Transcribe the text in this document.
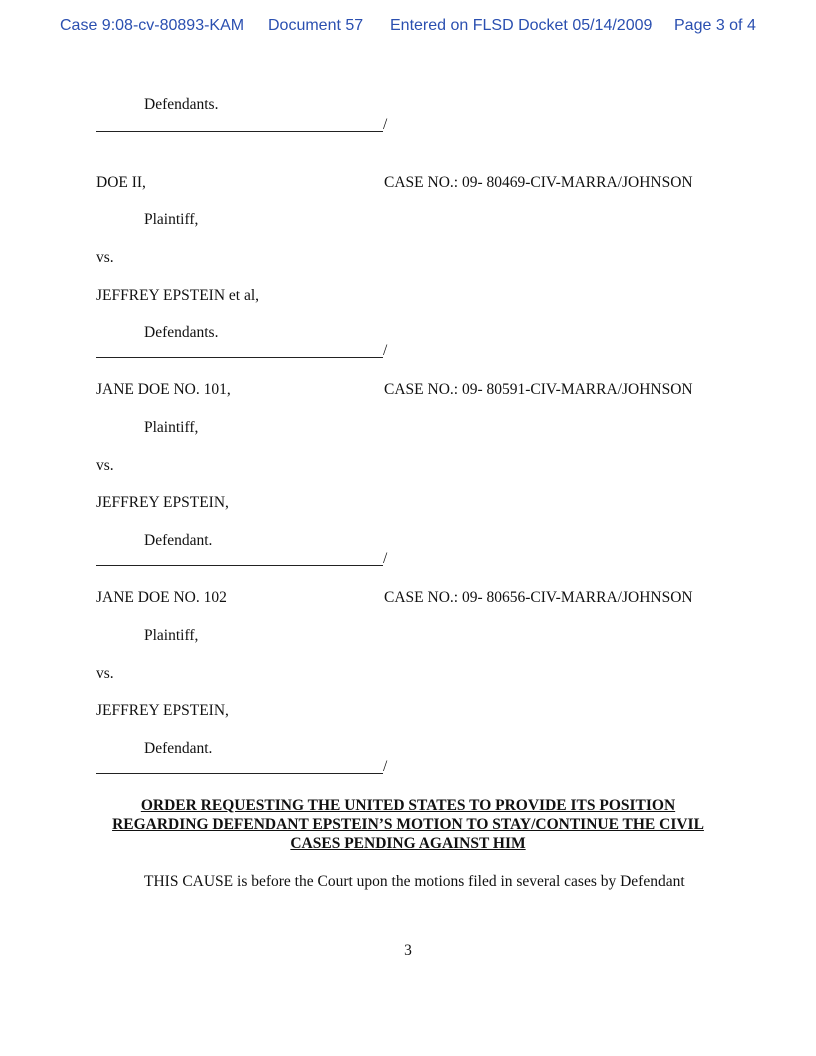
Case 9:08-cv-80893-KAM Document 57 Entered on FLSD Docket 05/14/2009 Page 3 of 4
Defendants.
/
DOE II,	CASE NO.: 09- 80469-CIV-MARRA/JOHNSON
Plaintiff,
vs.
JEFFREY EPSTEIN et al,
Defendants.
/
JANE DOE NO. 101,	CASE NO.: 09- 80591-CIV-MARRA/JOHNSON
Plaintiff,
vs.
JEFFREY EPSTEIN,
Defendant.
/
JANE DOE NO. 102	CASE NO.: 09- 80656-CIV-MARRA/JOHNSON
Plaintiff,
vs.
JEFFREY EPSTEIN,
Defendant.
/
ORDER REQUESTING THE UNITED STATES TO PROVIDE ITS POSITION
REGARDING DEFENDANT EPSTEIN’S MOTION TO STAY/CONTINUE THE CIVIL
CASES PENDING AGAINST HIM
THIS CAUSE is before the Court upon the motions filed in several cases by Defendant
3
